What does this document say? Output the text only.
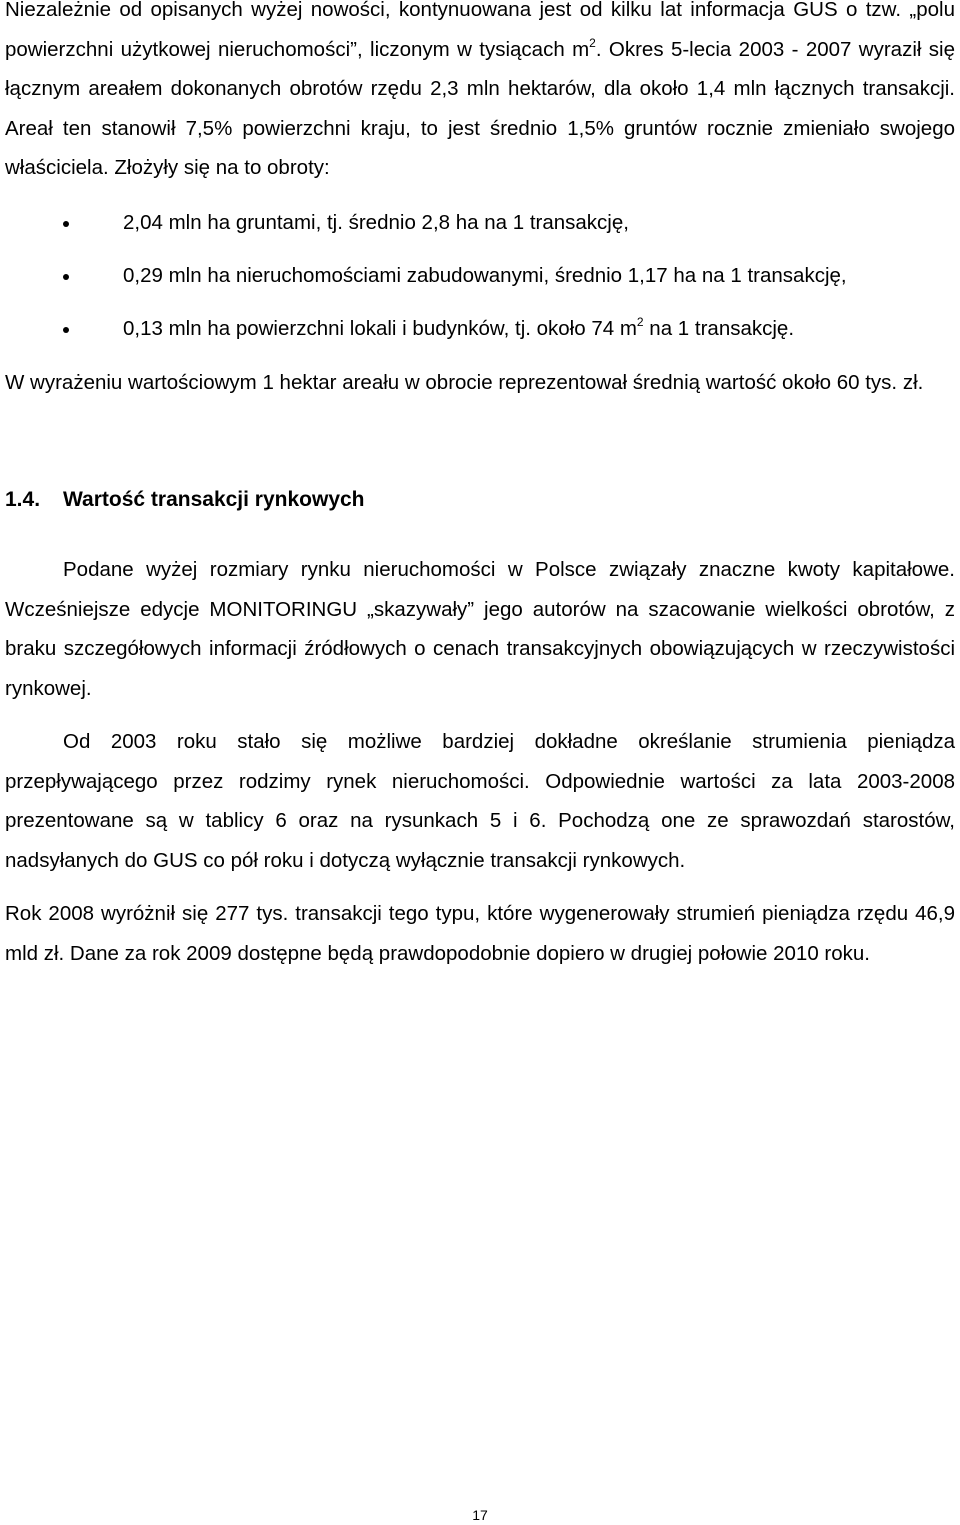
Niezależnie od opisanych wyżej nowości, kontynuowana jest od kilku lat informacja GUS o tzw. „polu powierzchni użytkowej nieruchomości”, liczonym w tysiącach $m^2$. Okres 5-lecia 2003 - 2007 wyraził się łącznym areałem dokonanych obrotów rzędu 2,3 mln hektarów, dla około 1,4 mln łącznych transakcji. Areał ten stanowił 7,5% powierzchni kraju, to jest średnio 1,5% gruntów rocznie zmieniało swojego właściciela. Złożyły się na to obroty:

2,04 mln ha gruntami, tj. średnio 2,8 ha na 1 transakcję,
0,29 mln ha nieruchomościami zabudowanymi, średnio 1,17 ha na 1 transakcję,
0,13 mln ha powierzchni lokali i budynków, tj. około 74 $m^2$ na 1 transakcję.

W wyrażeniu wartościowym 1 hektar areału w obrocie reprezentował średnią wartość około 60 tys. zł.

1.4. Wartość transakcji rynkowych

Podane wyżej rozmiary rynku nieruchomości w Polsce związały znaczne kwoty kapitałowe. Wcześniejsze edycje MONITORINGU „skazywały” jego autorów na szacowanie wielkości obrotów, z braku szczegółowych informacji źródłowych o cenach transakcyjnych obowiązujących w rzeczywistości rynkowej.

Od 2003 roku stało się możliwe bardziej dokładne określanie strumienia pieniądza przepływającego przez rodzimy rynek nieruchomości. Odpowiednie wartości za lata 2003-2008 prezentowane są w tablicy 6 oraz na rysunkach 5 i 6. Pochodzą one ze sprawozdań starostów, nadsyłanych do GUS co pół roku i dotyczą wyłącznie transakcji rynkowych.

Rok 2008 wyróżnił się 277 tys. transakcji tego typu, które wygenerowały strumień pieniądza rzędu 46,9 mld zł. Dane za rok 2009 dostępne będą prawdopodobnie dopiero w drugiej połowie 2010 roku.

17
